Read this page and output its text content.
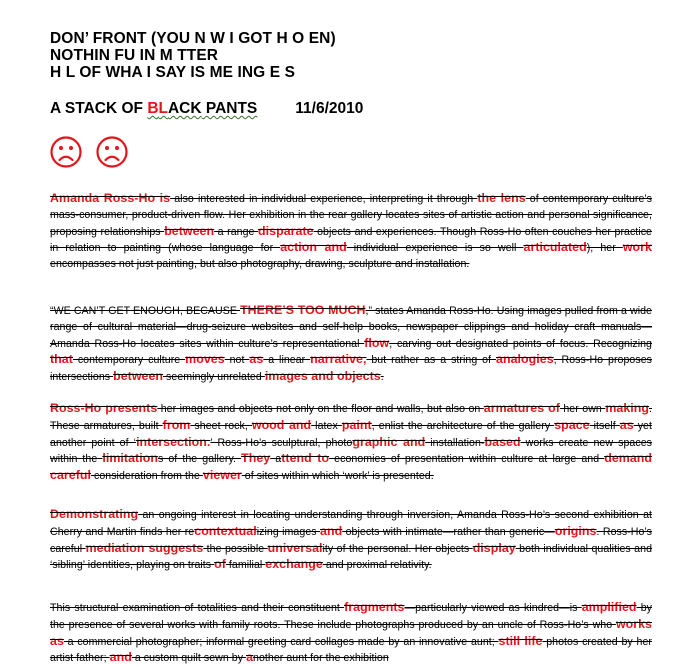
DON’ FRONT (YOU N W I GOT H O EN)

NOTHIN FU IN M TTER

H L OF WHA I SAY IS ME ING E S

A STACK OF BLACK PANTS 11/6/2010

Amanda Ross-Ho is also interested in individual experience, interpreting it through the lens of contemporary culture’s mass-consumer, product-driven flow. Her exhibition in the rear gallery locates sites of artistic action and personal significance, proposing relationships between a range disparate objects and experiences. Though Ross-Ho often couches her practice in relation to painting (whose language for action and individual experience is so well articulated), her work encompasses not just painting, but also photography, drawing, sculpture and installation.

“WE CAN’T GET ENOUGH, BECAUSE THERE’S TOO MUCH,” states Amanda Ross-Ho. Using images pulled from a wide range of cultural material—drug-seizure websites and self-help books, newspaper clippings and holiday craft manuals—Amanda Ross-Ho locates sites within culture’s representational flow, carving out designated points of focus. Recognizing that contemporary culture moves not as a linear narrative, but rather as a string of analogies, Ross-Ho proposes intersections between seemingly unrelated images and objects.

Ross-Ho presents her images and objects not only on the floor and walls, but also on armatures of her own making. These armatures, built from sheet rock, wood and latex paint, enlist the architecture of the gallery space itself as yet another point of ‘intersection.’ Ross-Ho’s sculptural, photographic and installation-based works create new spaces within the limitations of the gallery. They attend to economies of presentation within culture at large and demand careful consideration from the viewer of sites within which ‘work’ is presented.

Demonstrating an ongoing interest in locating understanding through inversion, Amanda Ross-Ho’s second exhibition at Cherry and Martin finds her recontextualizing images and objects with intimate—rather than generic—origins. Ross-Ho’s careful mediation suggests the possible universality of the personal. Her objects display both individual qualities and ‘sibling’ identities, playing on traits of familial exchange and proximal relativity.

This structural examination of totalities and their constituent fragments—particularly viewed as kindred—is amplified by the presence of several works with family roots. These include photographs produced by an uncle of Ross-Ho’s who works as a commercial photographer; informal greeting card collages made by an innovative aunt; still life photos created by her artist father; and a custom quilt sewn by another aunt for the exhibition
